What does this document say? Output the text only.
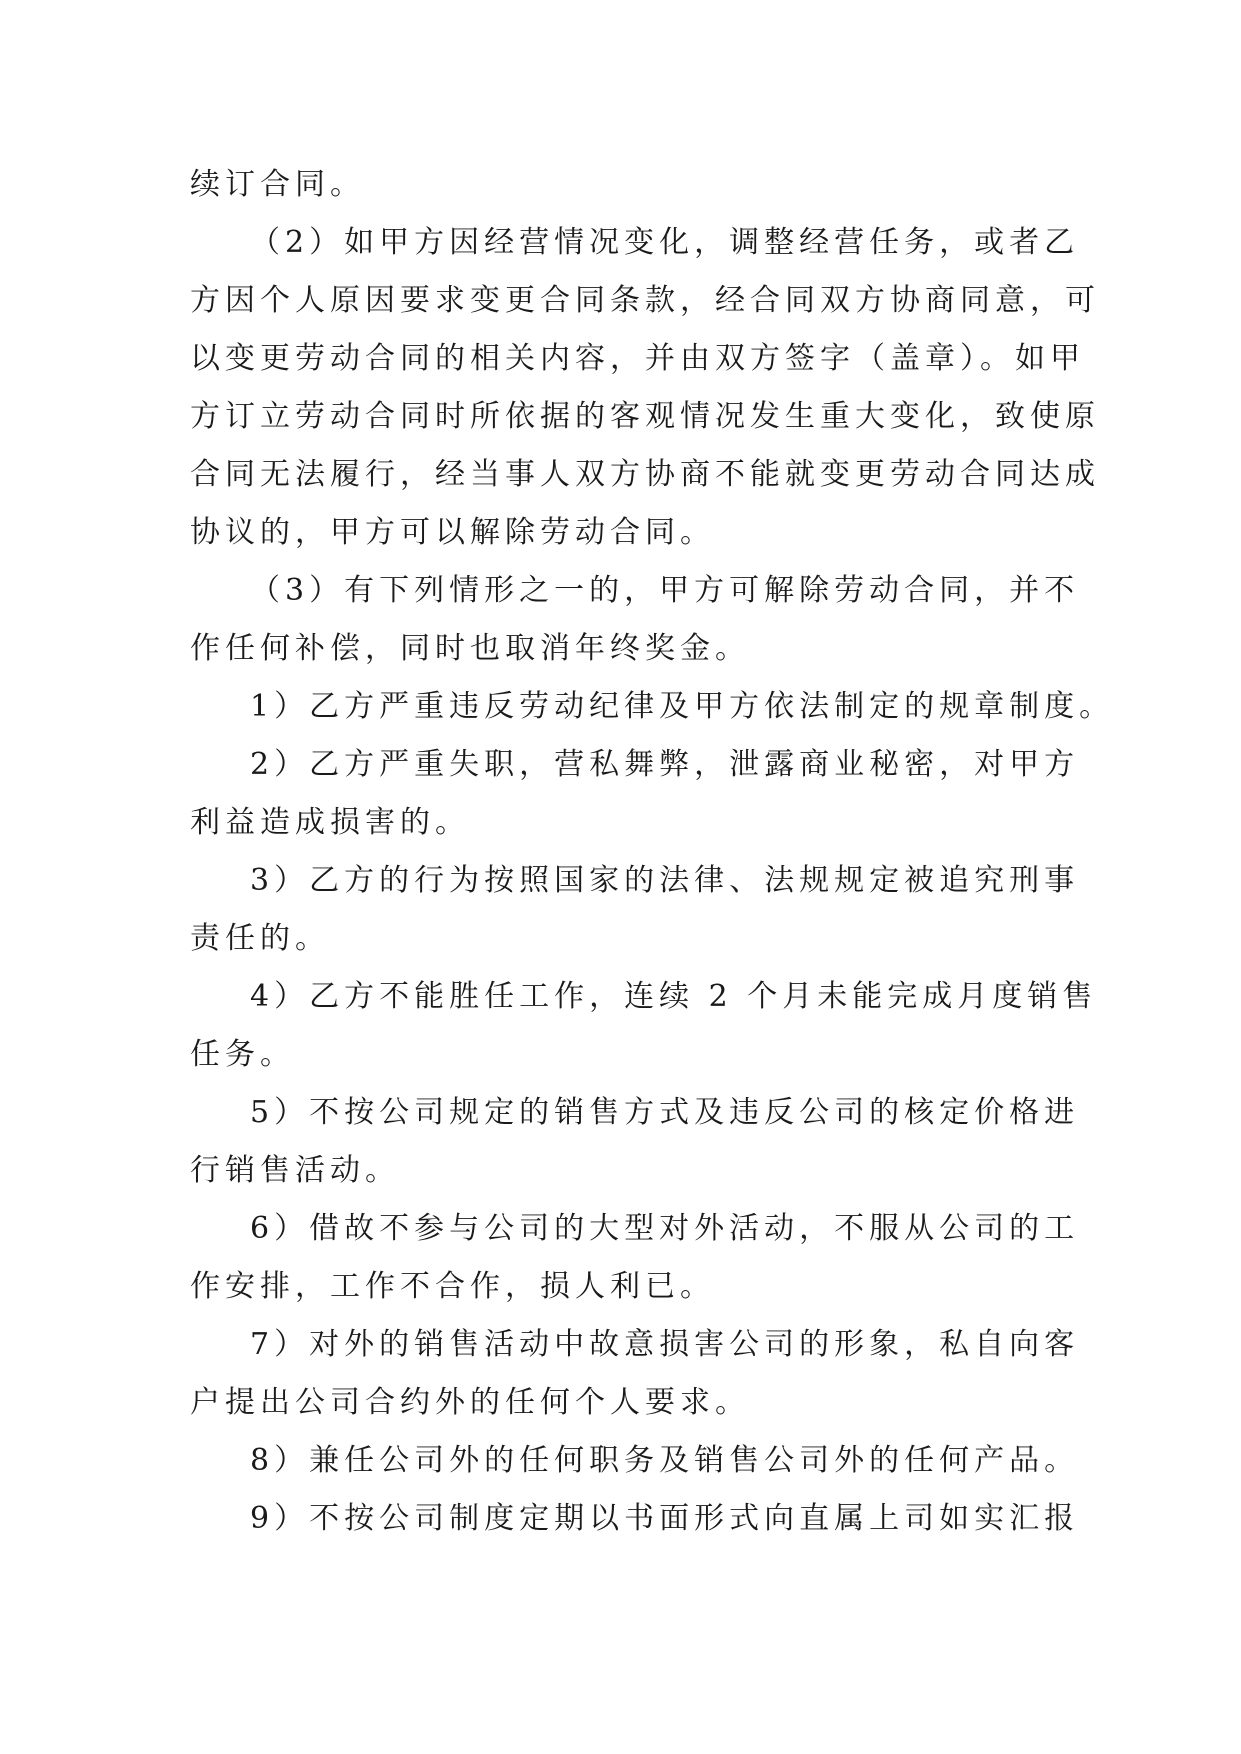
续订合同。
（2）如甲方因经营情况变化，调整经营任务，或者乙
方因个人原因要求变更合同条款，经合同双方协商同意，可
以变更劳动合同的相关内容，并由双方签字（盖章）。如甲
方订立劳动合同时所依据的客观情况发生重大变化，致使原
合同无法履行，经当事人双方协商不能就变更劳动合同达成
协议的，甲方可以解除劳动合同。
（3）有下列情形之一的，甲方可解除劳动合同，并不
作任何补偿，同时也取消年终奖金。
1）乙方严重违反劳动纪律及甲方依法制定的规章制度。
2）乙方严重失职，营私舞弊，泄露商业秘密，对甲方
利益造成损害的。
3）乙方的行为按照国家的法律、法规规定被追究刑事
责任的。
4）乙方不能胜任工作，连续 2 个月未能完成月度销售
任务。
5）不按公司规定的销售方式及违反公司的核定价格进
行销售活动。
6）借故不参与公司的大型对外活动，不服从公司的工
作安排，工作不合作，损人利已。
7）对外的销售活动中故意损害公司的形象，私自向客
户提出公司合约外的任何个人要求。
8）兼任公司外的任何职务及销售公司外的任何产品。
9）不按公司制度定期以书面形式向直属上司如实汇报
